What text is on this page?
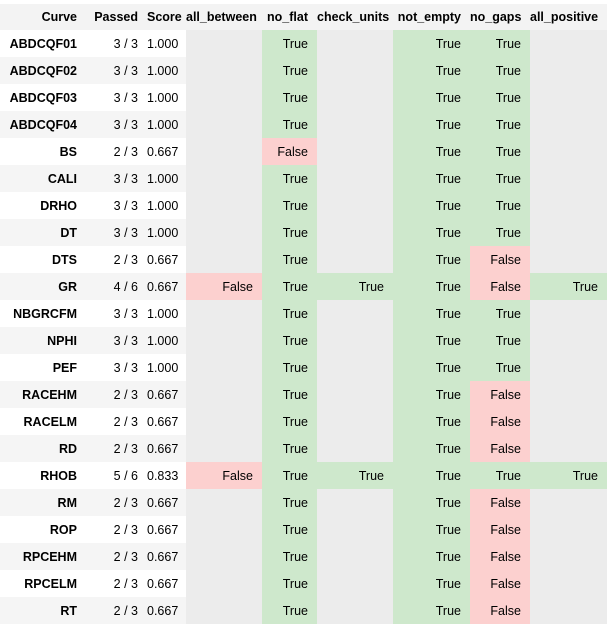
Curve	Passed	Score	all_between	no_flat	check_units	not_empty	no_gaps	all_positive
ABDCQF01	3 / 3	1.000		True		True	True	
ABDCQF02	3 / 3	1.000		True		True	True	
ABDCQF03	3 / 3	1.000		True		True	True	
ABDCQF04	3 / 3	1.000		True		True	True	
BS	2 / 3	0.667		False		True	True	
CALI	3 / 3	1.000		True		True	True	
DRHO	3 / 3	1.000		True		True	True	
DT	3 / 3	1.000		True		True	True	
DTS	2 / 3	0.667		True		True	False	
GR	4 / 6	0.667	False	True	True	True	False	True
NBGRCFM	3 / 3	1.000		True		True	True	
NPHI	3 / 3	1.000		True		True	True	
PEF	3 / 3	1.000		True		True	True	
RACEHM	2 / 3	0.667		True		True	False	
RACELM	2 / 3	0.667		True		True	False	
RD	2 / 3	0.667		True		True	False	
RHOB	5 / 6	0.833	False	True	True	True	True	True
RM	2 / 3	0.667		True		True	False	
ROP	2 / 3	0.667		True		True	False	
RPCEHM	2 / 3	0.667		True		True	False	
RPCELM	2 / 3	0.667		True		True	False	
RT	2 / 3	0.667		True		True	False	
